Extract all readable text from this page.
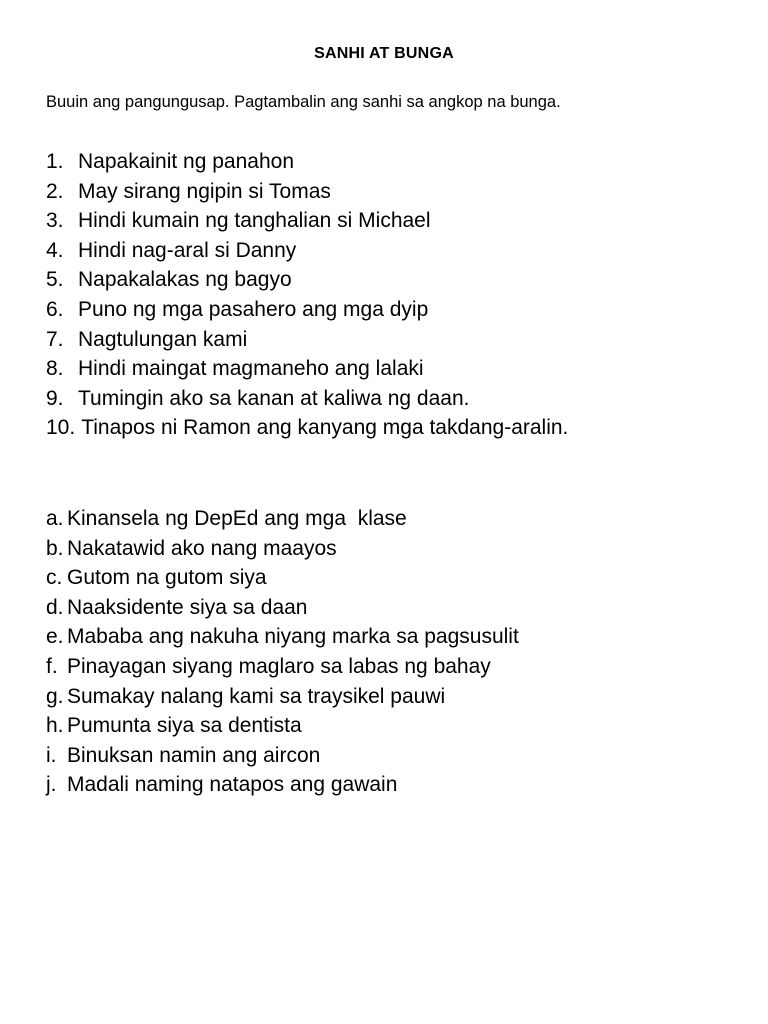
SANHI AT BUNGA
Buuin ang pangungusap. Pagtambalin ang sanhi sa angkop na bunga.
1. Napakainit ng panahon
2. May sirang ngipin si Tomas
3. Hindi kumain ng tanghalian si Michael
4. Hindi nag-aral si Danny
5. Napakalakas ng bagyo
6. Puno ng mga pasahero ang mga dyip
7. Nagtulungan kami
8. Hindi maingat magmaneho ang lalaki
9. Tumingin ako sa kanan at kaliwa ng daan.
10. Tinapos ni Ramon ang kanyang mga takdang-aralin.
a. Kinansela ng DepEd ang mga  klase
b. Nakatawid ako nang maayos
c. Gutom na gutom siya
d. Naaksidente siya sa daan
e. Mababa ang nakuha niyang marka sa pagsusulit
f. Pinayagan siyang maglaro sa labas ng bahay
g. Sumakay nalang kami sa traysikel pauwi
h. Pumunta siya sa dentista
i. Binuksan namin ang aircon
j. Madali naming natapos ang gawain
